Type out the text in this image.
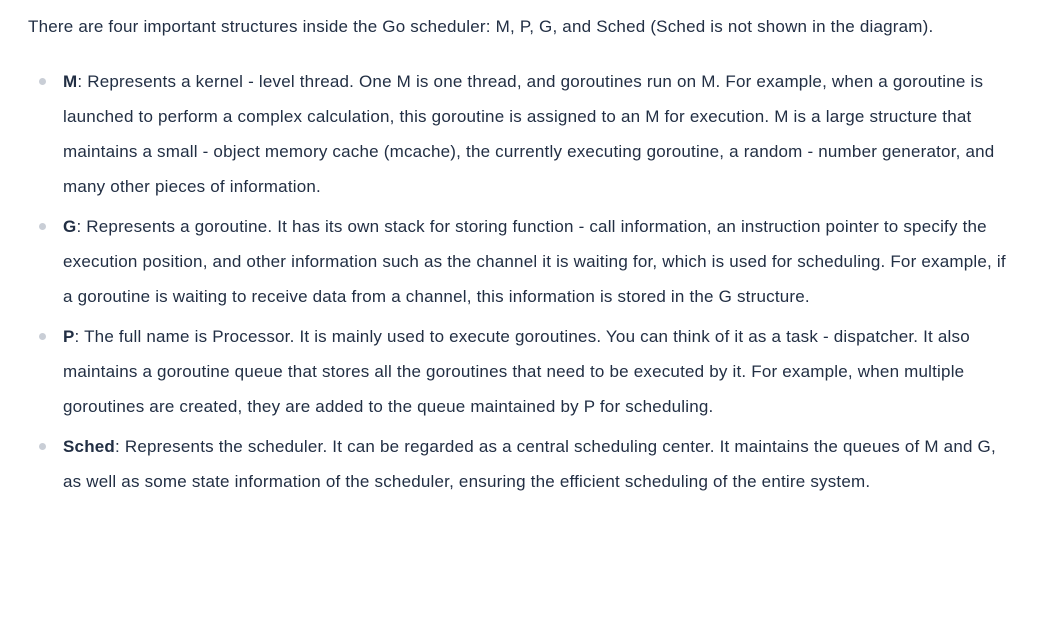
There are four important structures inside the Go scheduler: M, P, G, and Sched (Sched is not shown in the diagram).

M: Represents a kernel - level thread. One M is one thread, and goroutines run on M. For example, when a goroutine is launched to perform a complex calculation, this goroutine is assigned to an M for execution. M is a large structure that maintains a small - object memory cache (mcache), the currently executing goroutine, a random - number generator, and many other pieces of information.
G: Represents a goroutine. It has its own stack for storing function - call information, an instruction pointer to specify the execution position, and other information such as the channel it is waiting for, which is used for scheduling. For example, if a goroutine is waiting to receive data from a channel, this information is stored in the G structure.
P: The full name is Processor. It is mainly used to execute goroutines. You can think of it as a task - dispatcher. It also maintains a goroutine queue that stores all the goroutines that need to be executed by it. For example, when multiple goroutines are created, they are added to the queue maintained by P for scheduling.
Sched: Represents the scheduler. It can be regarded as a central scheduling center. It maintains the queues of M and G, as well as some state information of the scheduler, ensuring the efficient scheduling of the entire system.
